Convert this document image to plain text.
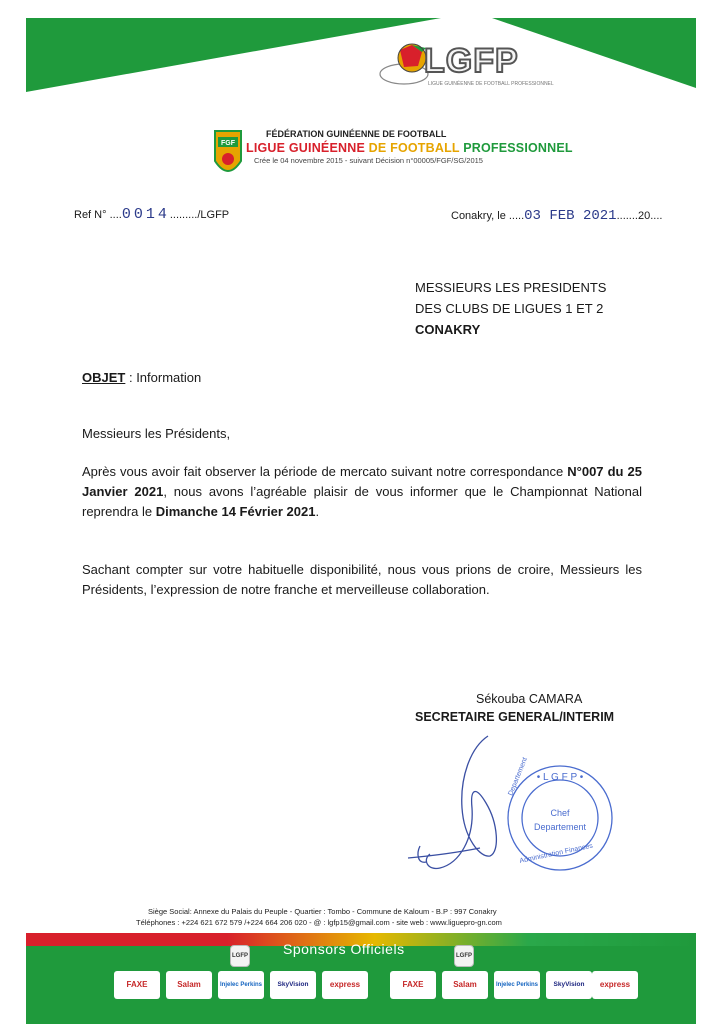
LGFP
LIGUE GUINÉENNE DE FOOTBALL PROFESSIONNEL
FGF
FÉDÉRATION GUINÉENNE DE FOOTBALL
LIGUE GUINÉENNE DE FOOTBALL PROFESSIONNEL
Crée le 04 novembre 2015 - suivant Décision n°00005/FGF/SG/2015
Ref N° ....0014........./LGFP	Conakry, le .....03 FEB 2021.......20....
MESSIEURS LES PRESIDENTS
DES CLUBS DE LIGUES 1 ET 2
CONAKRY
OBJET : Information
Messieurs les Présidents,
Après vous avoir fait observer la période de mercato suivant notre correspondance N°007 du 25 Janvier 2021, nous avons l’agréable plaisir de vous informer que le Championnat National reprendra le Dimanche 14 Février 2021.
Sachant compter sur votre habituelle disponibilité, nous vous prions de croire, Messieurs les Présidents, l’expression de notre franche et merveilleuse collaboration.
Sékouba CAMARA
SECRETAIRE GENERAL/INTERIM
• L G F P •
Chef
Departement
Departement
Administration Finances
Siège Social: Annexe du Palais du Peuple - Quartier : Tombo - Commune de Kaloum - B.P : 997 Conakry
Téléphones : +224 621 672 579 /+224 664 206 020 - @ : lgfp15@gmail.com - site web : www.liguepro-gn.com
LGFP	Sponsors Officiels	LGFP
FAXE	Salam	Injelec Perkins	SkyVision	express	FAXE	Salam	Injelec Perkins	SkyVision	express
